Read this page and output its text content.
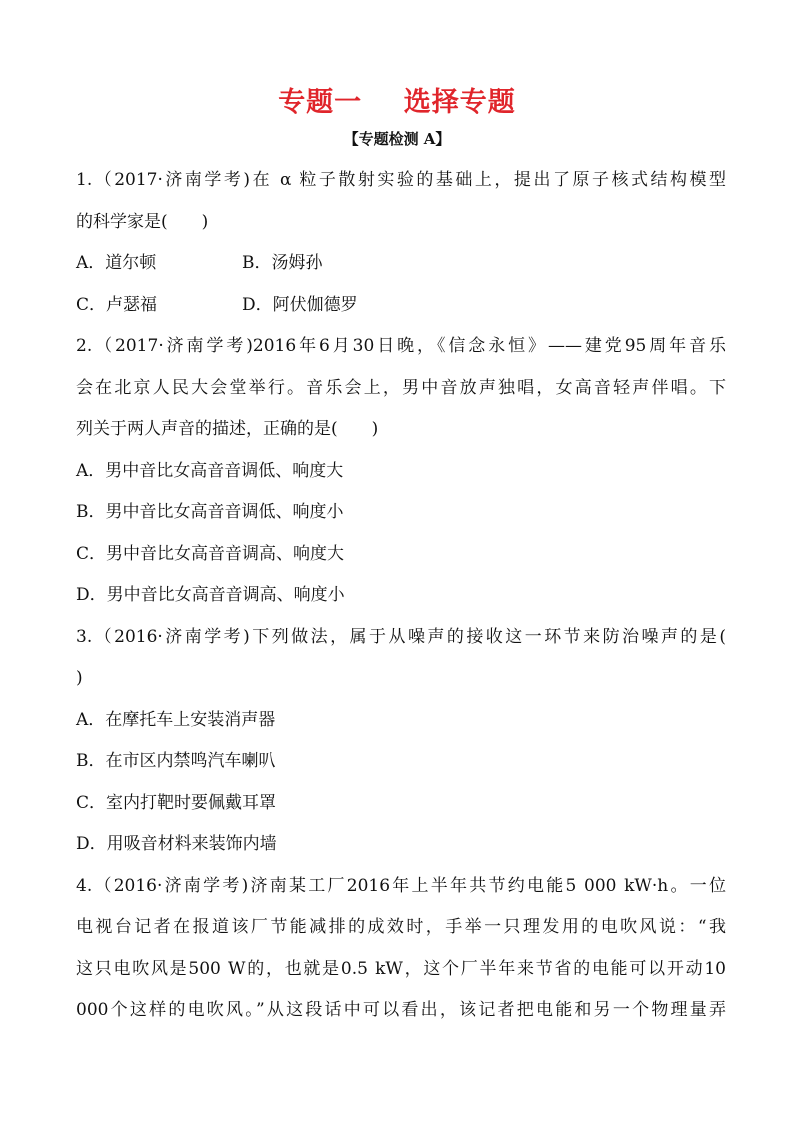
专题一    选择专题
【专题检测 A】
1.（2017·济南学考)在 α 粒子散射实验的基础上，提出了原子核式结构模型
的科学家是(　　)
A．道尔顿	B．汤姆孙
C．卢瑟福	D．阿伏伽德罗
2.（2017·济南学考)2016年6月30日晚，《信念永恒》——建党95周年音乐
会在北京人民大会堂举行。音乐会上，男中音放声独唱，女高音轻声伴唱。下
列关于两人声音的描述，正确的是(　　)
A．男中音比女高音音调低、响度大
B．男中音比女高音音调低、响度小
C．男中音比女高音音调高、响度大
D．男中音比女高音音调高、响度小
3.（2016·济南学考)下列做法，属于从噪声的接收这一环节来防治噪声的是(
)
A．在摩托车上安装消声器
B．在市区内禁鸣汽车喇叭
C．室内打靶时要佩戴耳罩
D．用吸音材料来装饰内墙
4.（2016·济南学考)济南某工厂2016年上半年共节约电能5 000 kW·h。一位
电视台记者在报道该厂节能减排的成效时，手举一只理发用的电吹风说：“我
这只电吹风是500 W的，也就是0.5 kW，这个厂半年来节省的电能可以开动10
000个这样的电吹风。”从这段话中可以看出，该记者把电能和另一个物理量弄
